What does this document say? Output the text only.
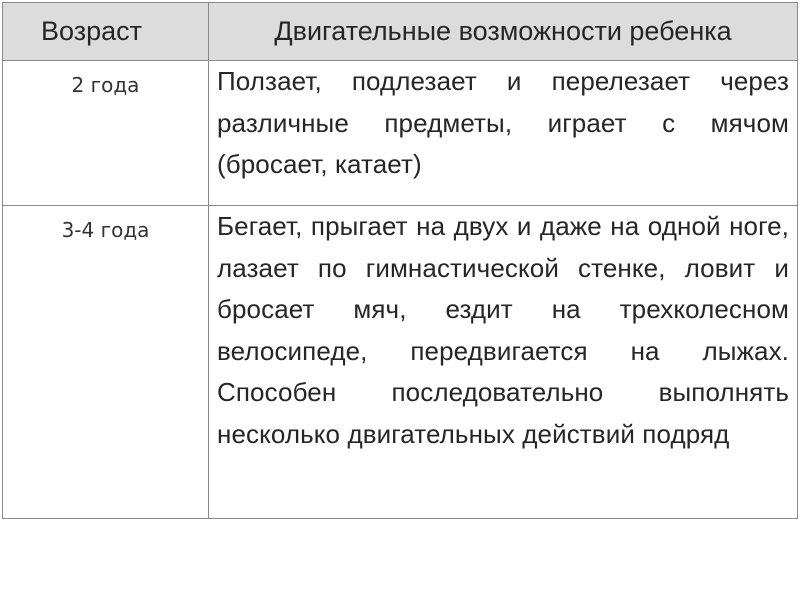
Возраст	Двигательные возможности ребенка
2 года	Ползает, подлезает и перелезает через различные предметы, играет с мячом (бросает, катает)
3-4 года	Бегает, прыгает на двух и даже на одной ноге, лазает по гимнастической стенке, ловит и бросает мяч, ездит на трехколесном велосипеде, передвигается на лыжах. Способен последовательно выполнять несколько двигательных действий подряд
